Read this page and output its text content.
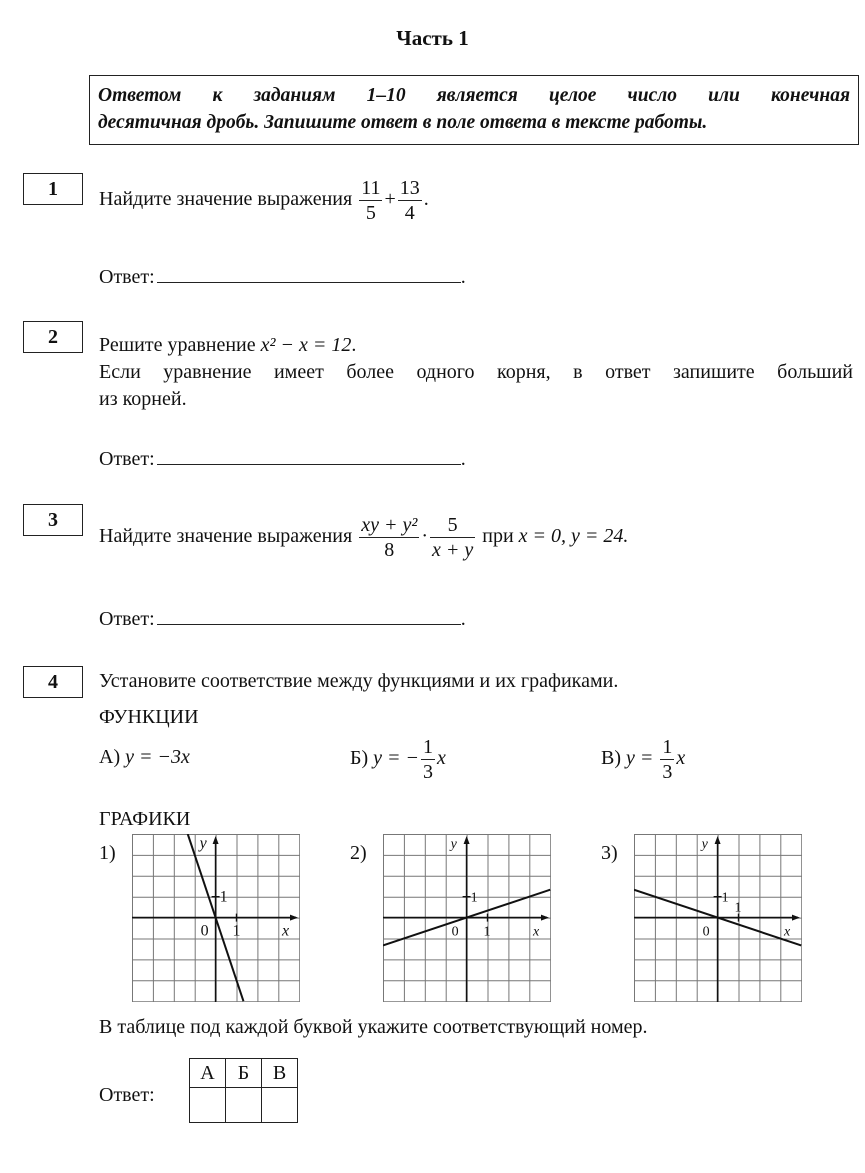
Часть 1
Ответом к заданиям 1–10 является целое число или конечная
десятичная дробь. Запишите ответ в поле ответа в тексте работы.
1	Найдите значение выражения $\frac{11}{5} + \frac{13}{4}$ .
Ответ:	.
2	Решите уравнение x² − x = 12.
Если уравнение имеет более одного корня, в ответ запишите больший
из корней.
Ответ:	.
3
Найдите значение выражения $\frac{\text{xy + y²}}{8} \cdot \frac{5}{x + y}$ при x = 0, y = 24.
Ответ:	.
4	Установите соответствие между функциями и их графиками.
ФУНКЦИИ
А) y = −3x	Б) y = − $\frac{1}{3}$ x	В) $y = \frac{1}{3}$ x
ГРАФИКИ
1)	2)	3)
x
y
0 1
1
x
y
0 1
1
x
y
0
1
1
В таблице под каждой буквой укажите соответствующий номер.
Ответ:
А	Б	В
